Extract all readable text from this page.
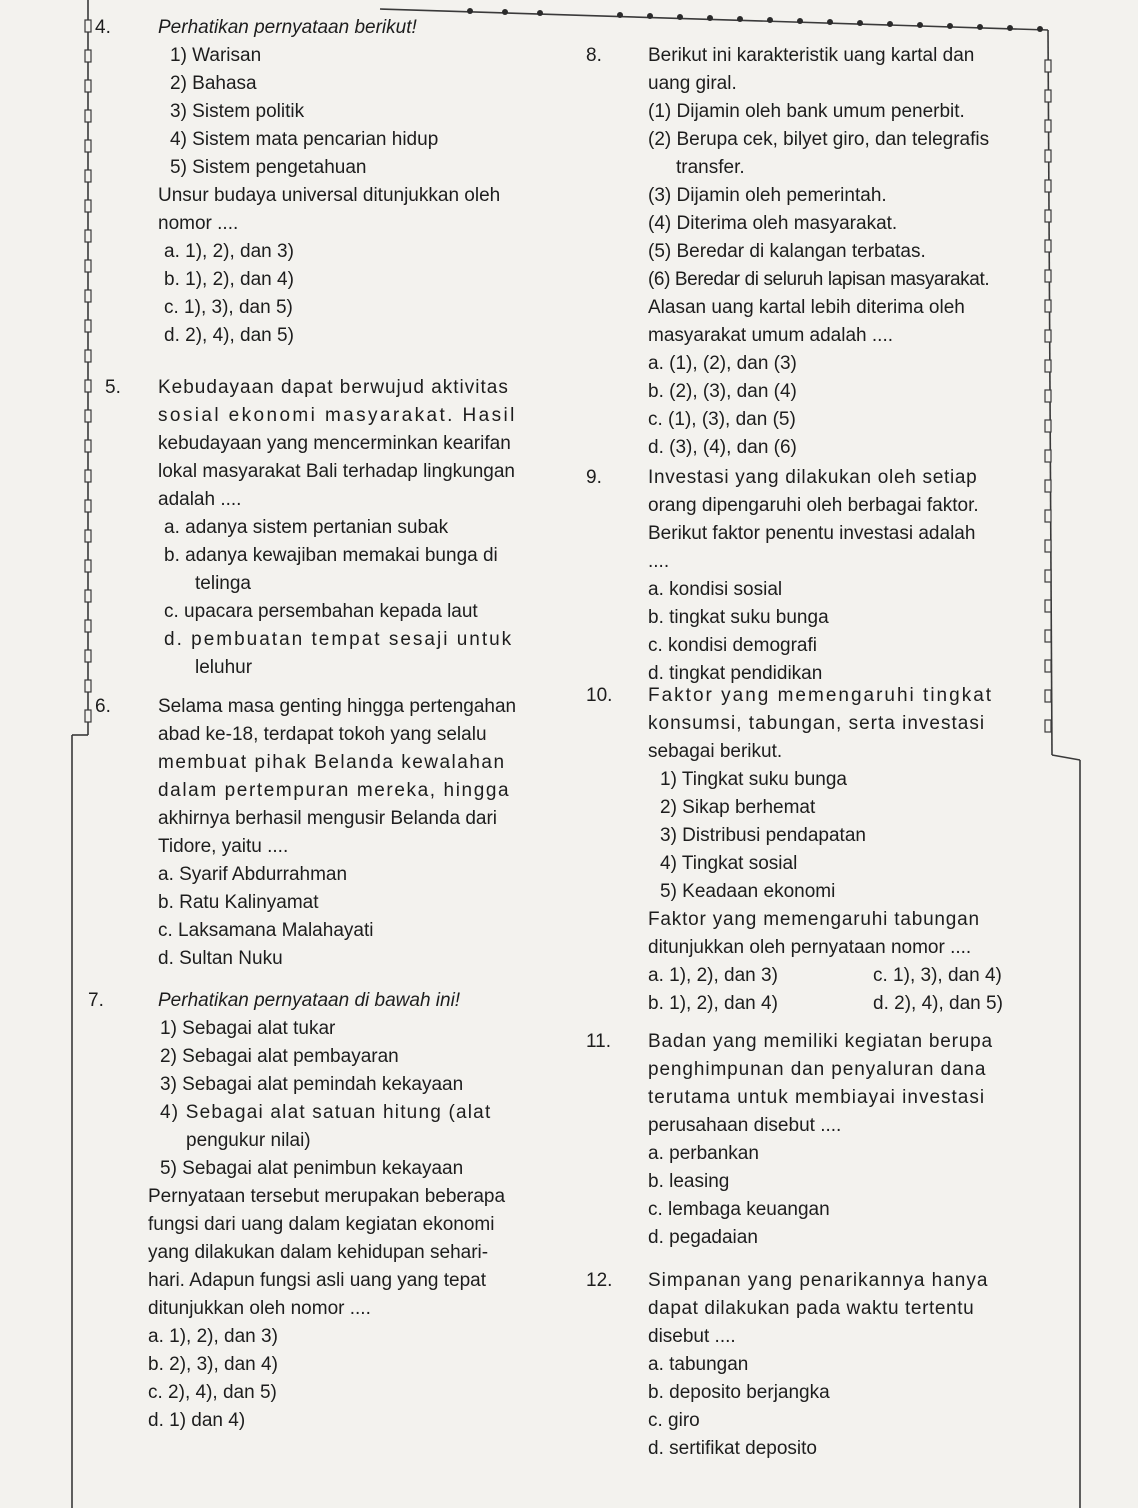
4. Perhatikan pernyataan berikut!
1) Warisan
2) Bahasa
3) Sistem politik
4) Sistem mata pencarian hidup
5) Sistem pengetahuan
Unsur budaya universal ditunjukkan oleh
nomor ....
a. 1), 2), dan 3)
b. 1), 2), dan 4)
c. 1), 3), dan 5)
d. 2), 4), dan 5)
5. Kebudayaan dapat berwujud aktivitas
sosial ekonomi masyarakat. Hasil
kebudayaan yang mencerminkan kearifan
lokal masyarakat Bali terhadap lingkungan
adalah ....
a. adanya sistem pertanian subak
b. adanya kewajiban memakai bunga di
telinga
c. upacara persembahan kepada laut
d. pembuatan tempat sesaji untuk
leluhur
6. Selama masa genting hingga pertengahan
abad ke-18, terdapat tokoh yang selalu
membuat pihak Belanda kewalahan
dalam pertempuran mereka, hingga
akhirnya berhasil mengusir Belanda dari
Tidore, yaitu ....
a. Syarif Abdurrahman
b. Ratu Kalinyamat
c. Laksamana Malahayati
d. Sultan Nuku
7.	Perhatikan pernyataan di bawah ini!
1) Sebagai alat tukar
2) Sebagai alat pembayaran
3) Sebagai alat pemindah kekayaan
4) Sebagai alat satuan hitung (alat
pengukur nilai)
5) Sebagai alat penimbun kekayaan
Pernyataan tersebut merupakan beberapa
fungsi dari uang dalam kegiatan ekonomi
yang dilakukan dalam kehidupan sehari-
hari. Adapun fungsi asli uang yang tepat
ditunjukkan oleh nomor ....
a. 1), 2), dan 3)
b. 2), 3), dan 4)
c. 2), 4), dan 5)
d. 1) dan 4)
8. Berikut ini karakteristik uang kartal dan
uang giral.
(1) Dijamin oleh bank umum penerbit.
(2) Berupa cek, bilyet giro, dan telegrafis
transfer.
(3) Dijamin oleh pemerintah.
(4) Diterima oleh masyarakat.
(5) Beredar di kalangan terbatas.
(6) Beredar di seluruh lapisan masyarakat.
Alasan uang kartal lebih diterima oleh
masyarakat umum adalah ....
a. (1), (2), dan (3)
b. (2), (3), dan (4)
c. (1), (3), dan (5)
d. (3), (4), dan (6)
9. Investasi yang dilakukan oleh setiap
orang dipengaruhi oleh berbagai faktor.
Berikut faktor penentu investasi adalah
....
a. kondisi sosial
b. tingkat suku bunga
c. kondisi demografi
d. tingkat pendidikan
10. Faktor yang memengaruhi tingkat
konsumsi, tabungan, serta investasi
sebagai berikut.
1) Tingkat suku bunga
2) Sikap berhemat
3) Distribusi pendapatan
4) Tingkat sosial
5) Keadaan ekonomi
Faktor yang memengaruhi tabungan
ditunjukkan oleh pernyataan nomor ....
a. 1), 2), dan 3)	c. 1), 3), dan 4)
b. 1), 2), dan 4)	d. 2), 4), dan 5)
11. Badan yang memiliki kegiatan berupa
penghimpunan dan penyaluran dana
terutama untuk membiayai investasi
perusahaan disebut ....
a. perbankan
b. leasing
c. lembaga keuangan
d. pegadaian
12. Simpanan yang penarikannya hanya
dapat dilakukan pada waktu tertentu
disebut ....
a. tabungan
b. deposito berjangka
c. giro
d. sertifikat deposito
